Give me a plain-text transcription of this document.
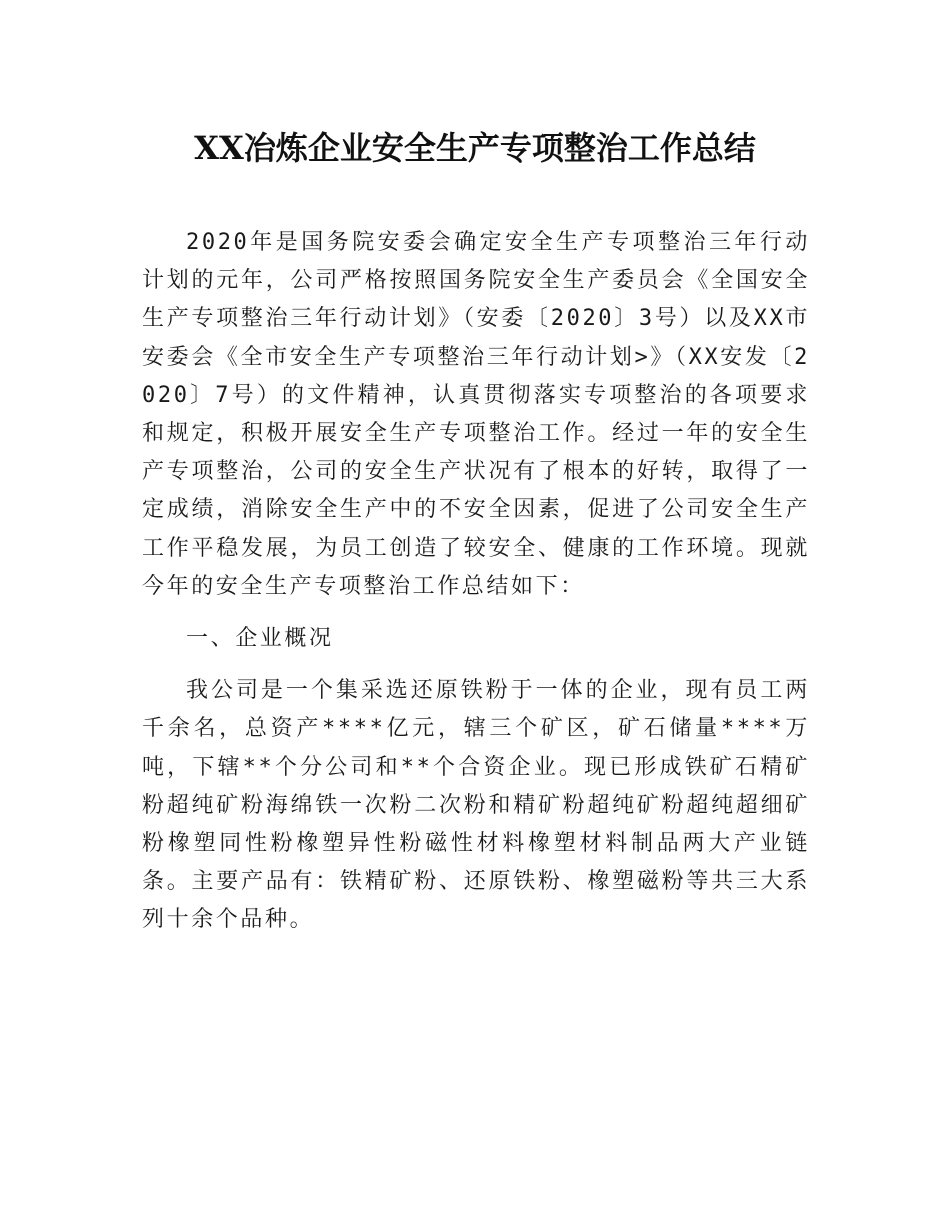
XX冶炼企业安全生产专项整治工作总结

2020年是国务院安委会确定安全生产专项整治三年行动计划的元年，公司严格按照国务院安全生产委员会《全国安全生产专项整治三年行动计划》（安委〔2020〕3号）以及XX市安委会《全市安全生产专项整治三年行动计划>》（XX安发〔2020〕7号）的文件精神，认真贯彻落实专项整治的各项要求和规定，积极开展安全生产专项整治工作。经过一年的安全生产专项整治，公司的安全生产状况有了根本的好转，取得了一定成绩，消除安全生产中的不安全因素，促进了公司安全生产工作平稳发展，为员工创造了较安全、健康的工作环境。现就今年的安全生产专项整治工作总结如下：

一、企业概况

我公司是一个集采选还原铁粉于一体的企业，现有员工两千余名，总资产****亿元，辖三个矿区，矿石储量****万吨，下辖**个分公司和**个合资企业。现已形成铁矿石精矿粉超纯矿粉海绵铁一次粉二次粉和精矿粉超纯矿粉超纯超细矿粉橡塑同性粉橡塑异性粉磁性材料橡塑材料制品两大产业链条。主要产品有：铁精矿粉、还原铁粉、橡塑磁粉等共三大系列十余个品种。
